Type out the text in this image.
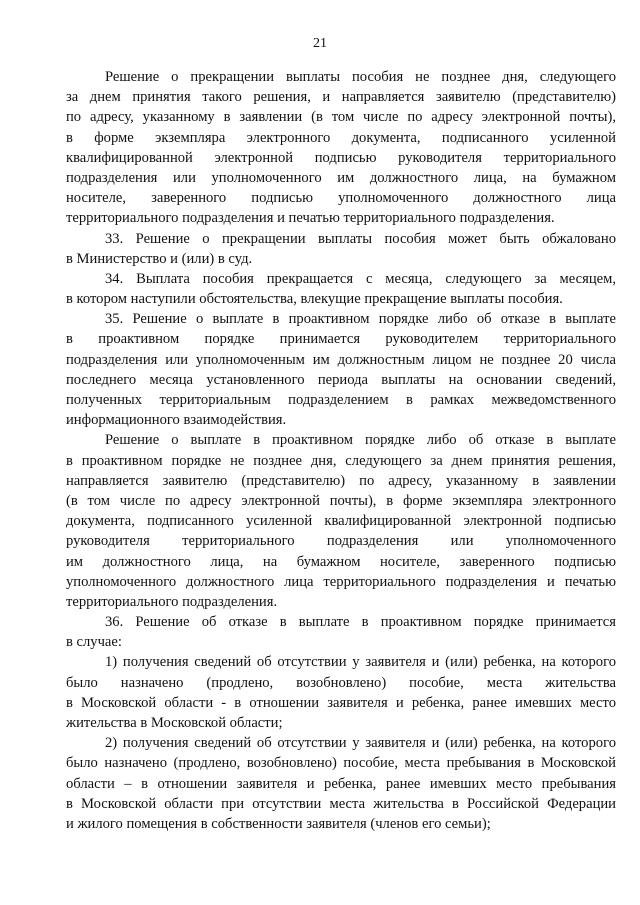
21
Решение о прекращении выплаты пособия не позднее дня, следующего
за днем принятия такого решения, и направляется заявителю (представителю)
по адресу, указанному в заявлении (в том числе по адресу электронной почты),
в форме экземпляра электронного документа, подписанного усиленной
квалифицированной электронной подписью руководителя территориального
подразделения или уполномоченного им должностного лица, на бумажном
носителе, заверенного подписью уполномоченного должностного лица
территориального подразделения и печатью территориального подразделения.
33. Решение о прекращении выплаты пособия может быть обжаловано
в Министерство и (или) в суд.
34. Выплата пособия прекращается с месяца, следующего за месяцем,
в котором наступили обстоятельства, влекущие прекращение выплаты пособия.
35. Решение о выплате в проактивном порядке либо об отказе в выплате
в проактивном порядке принимается руководителем территориального
подразделения или уполномоченным им должностным лицом не позднее 20 числа
последнего месяца установленного периода выплаты на основании сведений,
полученных территориальным подразделением в рамках межведомственного
информационного взаимодействия.
Решение о выплате в проактивном порядке либо об отказе в выплате
в проактивном порядке не позднее дня, следующего за днем принятия решения,
направляется заявителю (представителю) по адресу, указанному в заявлении
(в том числе по адресу электронной почты), в форме экземпляра электронного
документа, подписанного усиленной квалифицированной электронной подписью
руководителя территориального подразделения или уполномоченного
им должностного лица, на бумажном носителе, заверенного подписью
уполномоченного должностного лица территориального подразделения и печатью
территориального подразделения.
36. Решение об отказе в выплате в проактивном порядке принимается
в случае:
1) получения сведений об отсутствии у заявителя и (или) ребенка, на которого
было назначено (продлено, возобновлено) пособие, места жительства
в Московской области - в отношении заявителя и ребенка, ранее имевших место
жительства в Московской области;
2) получения сведений об отсутствии у заявителя и (или) ребенка, на которого
было назначено (продлено, возобновлено) пособие, места пребывания в Московской
области – в отношении заявителя и ребенка, ранее имевших место пребывания
в Московской области при отсутствии места жительства в Российской Федерации
и жилого помещения в собственности заявителя (членов его семьи);
